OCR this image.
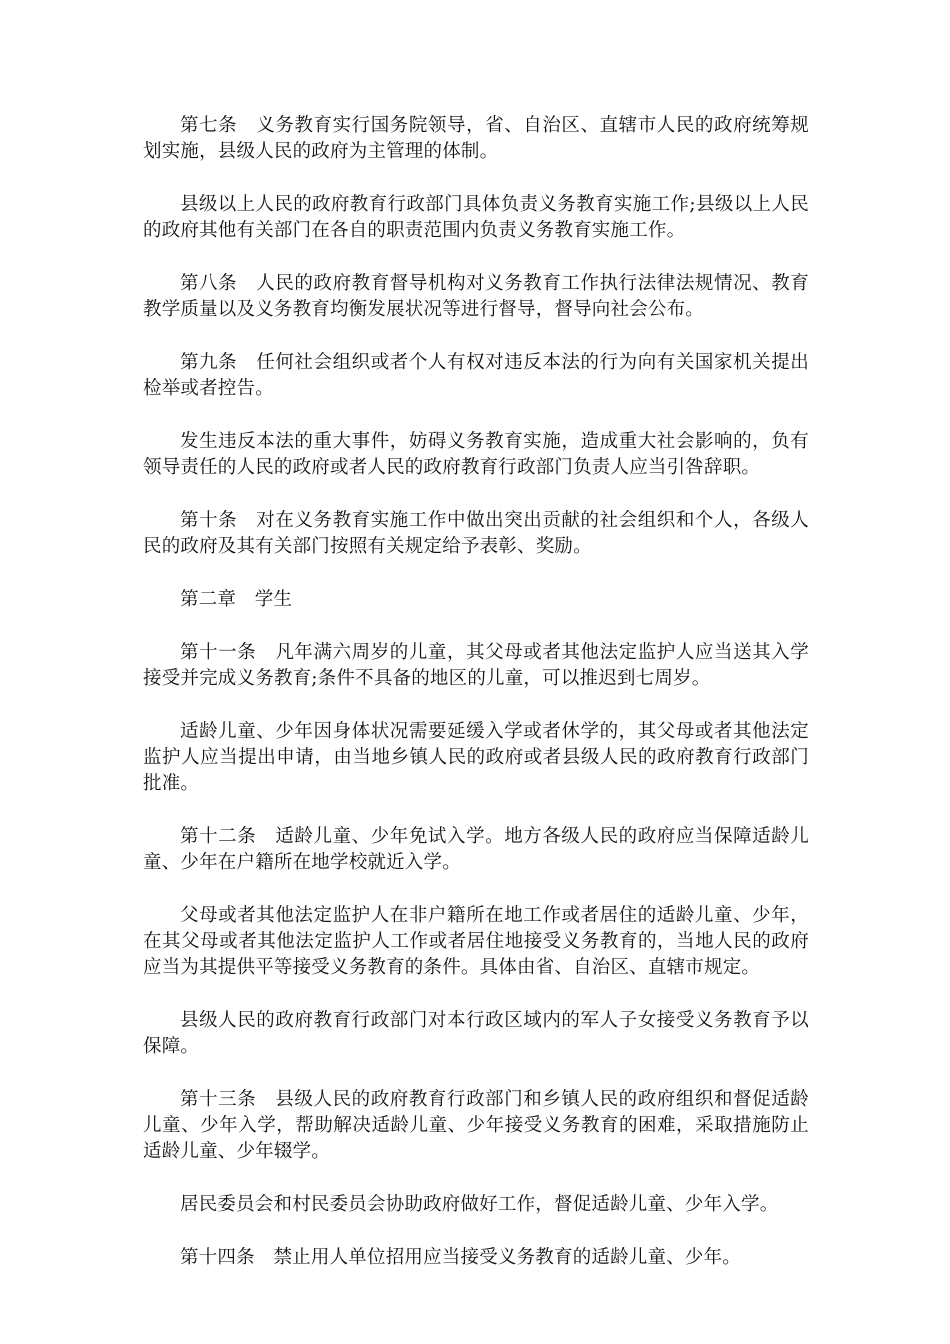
第七条　义务教育实行国务院领导，省、自治区、直辖市人民的政府统筹规划实施，县级人民的政府为主管理的体制。

县级以上人民的政府教育行政部门具体负责义务教育实施工作;县级以上人民的政府其他有关部门在各自的职责范围内负责义务教育实施工作。

第八条　人民的政府教育督导机构对义务教育工作执行法律法规情况、教育教学质量以及义务教育均衡发展状况等进行督导，督导向社会公布。

第九条　任何社会组织或者个人有权对违反本法的行为向有关国家机关提出检举或者控告。

发生违反本法的重大事件，妨碍义务教育实施，造成重大社会影响的，负有领导责任的人民的政府或者人民的政府教育行政部门负责人应当引咎辞职。

第十条　对在义务教育实施工作中做出突出贡献的社会组织和个人，各级人民的政府及其有关部门按照有关规定给予表彰、奖励。

第二章　学生

第十一条　凡年满六周岁的儿童，其父母或者其他法定监护人应当送其入学接受并完成义务教育;条件不具备的地区的儿童，可以推迟到七周岁。

适龄儿童、少年因身体状况需要延缓入学或者休学的，其父母或者其他法定监护人应当提出申请，由当地乡镇人民的政府或者县级人民的政府教育行政部门批准。

第十二条　适龄儿童、少年免试入学。地方各级人民的政府应当保障适龄儿童、少年在户籍所在地学校就近入学。

父母或者其他法定监护人在非户籍所在地工作或者居住的适龄儿童、少年，在其父母或者其他法定监护人工作或者居住地接受义务教育的，当地人民的政府应当为其提供平等接受义务教育的条件。具体由省、自治区、直辖市规定。

县级人民的政府教育行政部门对本行政区域内的军人子女接受义务教育予以保障。

第十三条　县级人民的政府教育行政部门和乡镇人民的政府组织和督促适龄儿童、少年入学，帮助解决适龄儿童、少年接受义务教育的困难，采取措施防止适龄儿童、少年辍学。

居民委员会和村民委员会协助政府做好工作，督促适龄儿童、少年入学。

第十四条　禁止用人单位招用应当接受义务教育的适龄儿童、少年。
